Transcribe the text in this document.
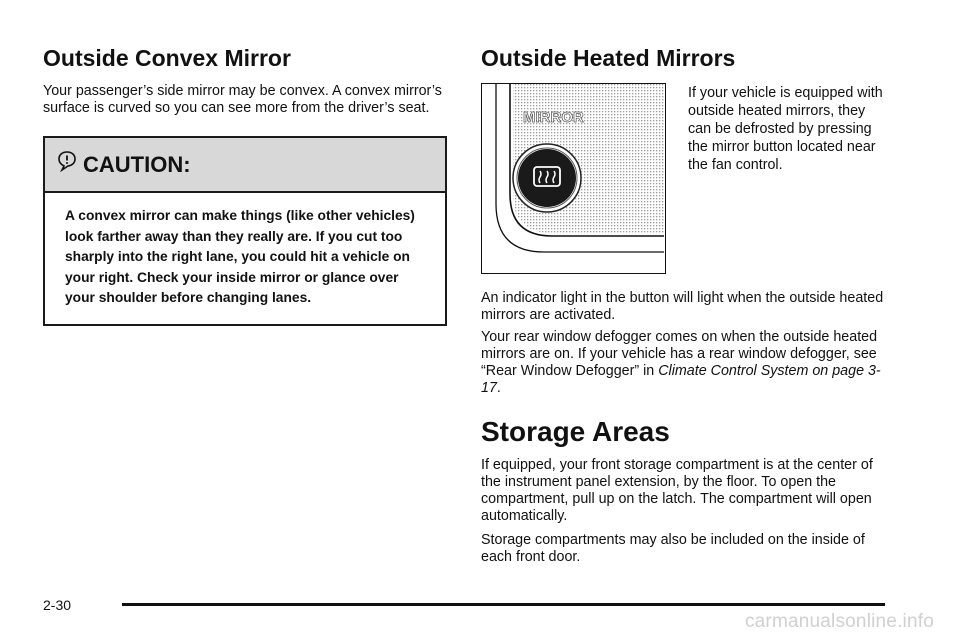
Outside Convex Mirror

Your passenger’s side mirror may be convex. A convex mirror’s surface is curved so you can see more from the driver’s seat.

CAUTION:

A convex mirror can make things (like other vehicles) look farther away than they really are. If you cut too sharply into the right lane, you could hit a vehicle on your right. Check your inside mirror or glance over your shoulder before changing lanes.

Outside Heated Mirrors
MIRROR

If your vehicle is equipped with outside heated mirrors, they can be defrosted by pressing the mirror button located near the fan control.

An indicator light in the button will light when the outside heated mirrors are activated.

Your rear window defogger comes on when the outside heated mirrors are on. If your vehicle has a rear window defogger, see “Rear Window Defogger” in Climate Control System on page 3-17.

Storage Areas

If equipped, your front storage compartment is at the center of the instrument panel extension, by the floor. To open the compartment, pull up on the latch. The compartment will open automatically.

Storage compartments may also be included on the inside of each front door.

2-30
carmanualsonline.info
